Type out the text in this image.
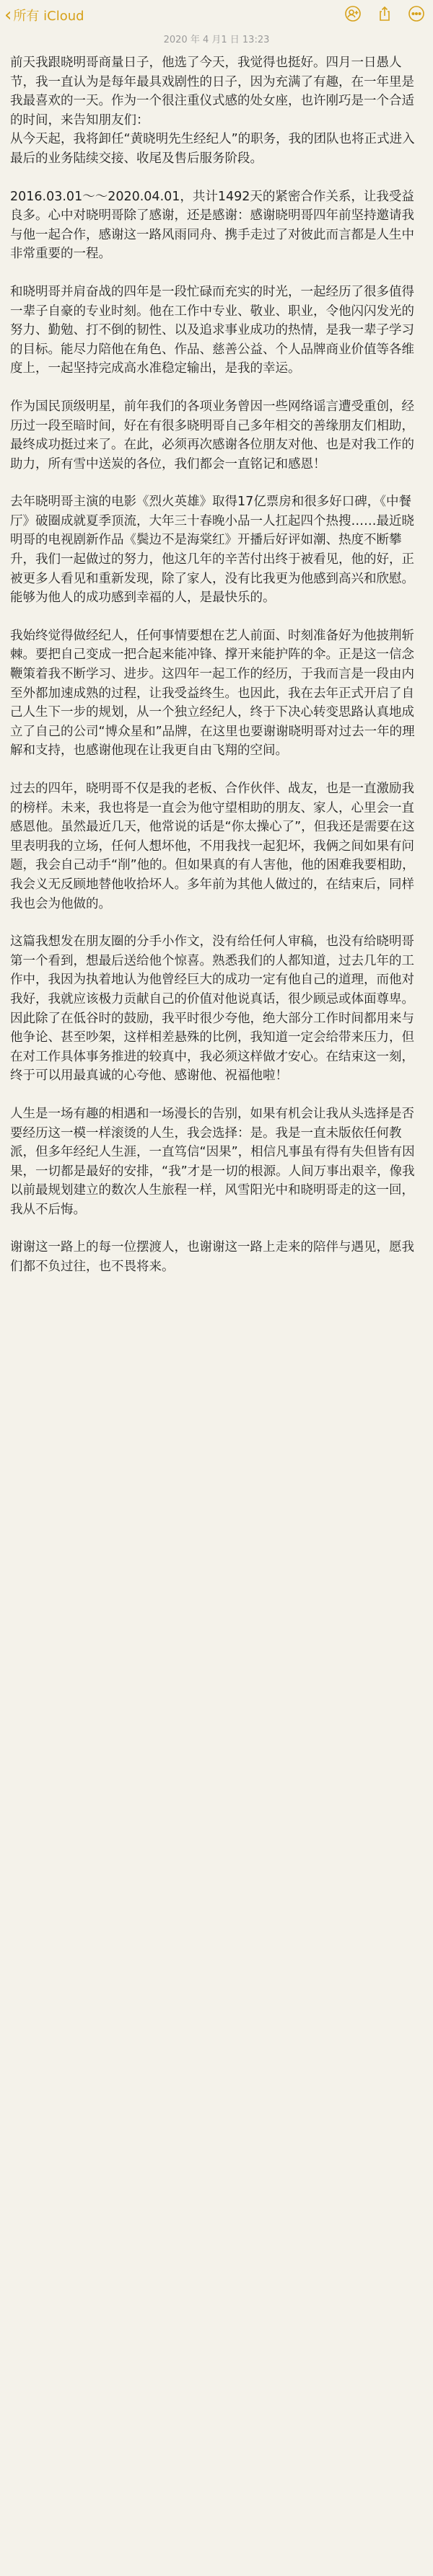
‹ 所有 iCloud
2020 年 4 月1 日 13:23

前天我跟晓明哥商量日子，他选了今天，我觉得也挺好。四月一日愚人节，我一直认为是每年最具戏剧性的日子，因为充满了有趣，在一年里是我最喜欢的一天。作为一个很注重仪式感的处女座，也许刚巧是一个合适的时间，来告知朋友们：
从今天起，我将卸任“黄晓明先生经纪人”的职务，我的团队也将正式进入最后的业务陆续交接、收尾及售后服务阶段。

2016.03.01～～2020.04.01，共计1492天的紧密合作关系，让我受益良多。心中对晓明哥除了感谢，还是感谢：感谢晓明哥四年前坚持邀请我与他一起合作，感谢这一路风雨同舟、携手走过了对彼此而言都是人生中非常重要的一程。

和晓明哥并肩奋战的四年是一段忙碌而充实的时光，一起经历了很多值得一辈子自豪的专业时刻。他在工作中专业、敬业、职业，令他闪闪发光的努力、勤勉、打不倒的韧性、以及追求事业成功的热情，是我一辈子学习的目标。能尽力陪他在角色、作品、慈善公益、个人品牌商业价值等各维度上，一起坚持完成高水准稳定输出，是我的幸运。

作为国民顶级明星，前年我们的各项业务曾因一些网络谣言遭受重创，经历过一段至暗时间，好在有很多晓明哥自己多年相交的善缘朋友们相助，最终成功挺过来了。在此，必须再次感谢各位朋友对他、也是对我工作的助力，所有雪中送炭的各位，我们都会一直铭记和感恩！

去年晓明哥主演的电影《烈火英雄》取得17亿票房和很多好口碑，《中餐厅》破圈成就夏季顶流，大年三十春晚小品一人扛起四个热搜……最近晓明哥的电视剧新作品《鬓边不是海棠红》开播后好评如潮、热度不断攀升，我们一起做过的努力，他这几年的辛苦付出终于被看见，他的好，正被更多人看见和重新发现，除了家人，没有比我更为他感到高兴和欣慰。能够为他人的成功感到幸福的人，是最快乐的。

我始终觉得做经纪人，任何事情要想在艺人前面、时刻准备好为他披荆斩棘。要把自己变成一把合起来能冲锋、撑开来能护阵的伞。正是这一信念鞭策着我不断学习、进步。这四年一起工作的经历，于我而言是一段由内至外都加速成熟的过程，让我受益终生。也因此，我在去年正式开启了自己人生下一步的规划，从一个独立经纪人，终于下决心转变思路认真地成立了自己的公司“博众星和”品牌，在这里也要谢谢晓明哥对过去一年的理解和支持，也感谢他现在让我更自由飞翔的空间。

过去的四年，晓明哥不仅是我的老板、合作伙伴、战友，也是一直激励我的榜样。未来，我也将是一直会为他守望相助的朋友、家人，心里会一直感恩他。虽然最近几天，他常说的话是“你太操心了”，但我还是需要在这里表明我的立场，任何人想坏他，不用我找一起犯坏，我俩之间如果有问题，我会自己动手“削”他的。但如果真的有人害他，他的困难我要相助，我会义无反顾地替他收拾坏人。多年前为其他人做过的，在结束后，同样我也会为他做的。

这篇我想发在朋友圈的分手小作文，没有给任何人审稿，也没有给晓明哥第一个看到，想最后送给他个惊喜。熟悉我们的人都知道，过去几年的工作中，我因为执着地认为他曾经巨大的成功一定有他自己的道理，而他对我好，我就应该极力贡献自己的价值对他说真话，很少顾忌或体面尊卑。因此除了在低谷时的鼓励，我平时很少夸他，绝大部分工作时间都用来与他争论、甚至吵架，这样相差悬殊的比例，我知道一定会给带来压力，但在对工作具体事务推进的较真中，我必须这样做才安心。在结束这一刻，终于可以用最真诚的心夸他、感谢他、祝福他啦！

人生是一场有趣的相遇和一场漫长的告别，如果有机会让我从头选择是否要经历这一模一样滚烫的人生，我会选择：是。我是一直未版依任何教派，但多年经纪人生涯，一直笃信“因果”，相信凡事虽有得有失但皆有因果，一切都是最好的安排，“我”才是一切的根源。人间万事出艰辛，像我以前最规划建立的数次人生旅程一样，风雪阳光中和晓明哥走的这一回，我从不后悔。

谢谢这一路上的每一位摆渡人，也谢谢这一路上走来的陪伴与遇见，愿我们都不负过往，也不畏将来。
